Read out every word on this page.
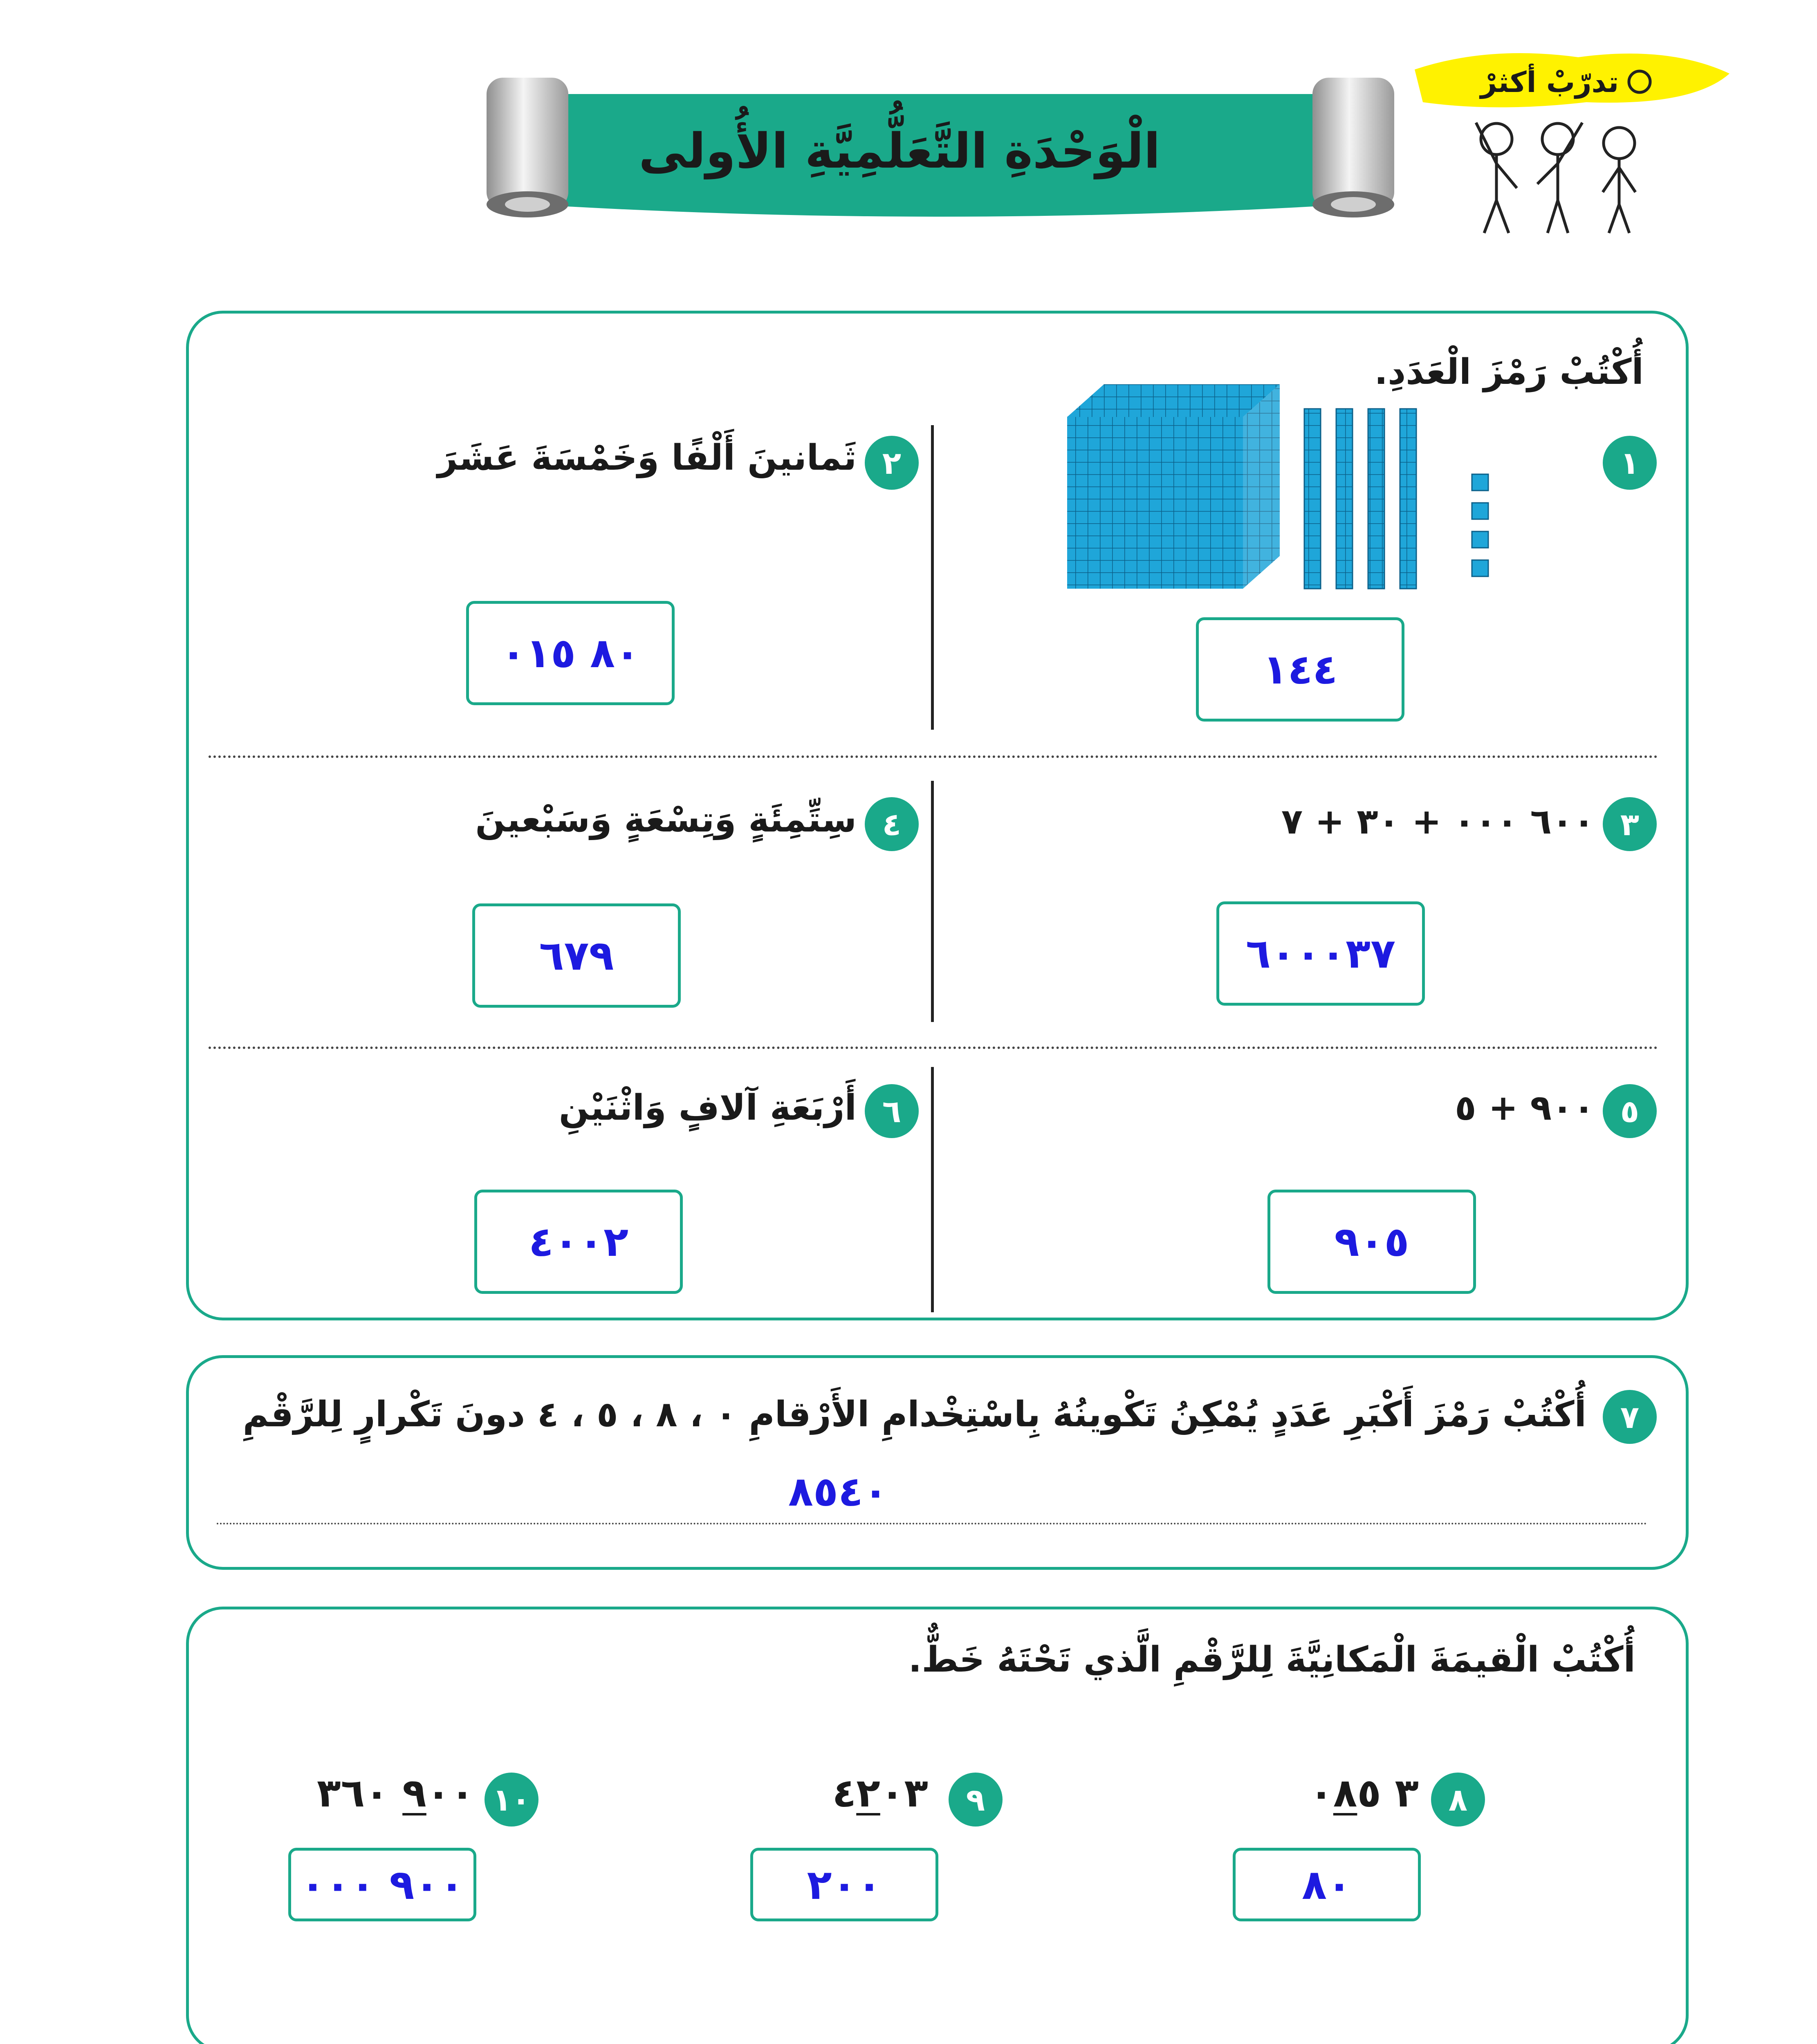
الْوَحْدَةِ التَّعَلُّمِيَّةِ الأُولى
تدرّبْ أكثرْ
أُكْتُبْ رَمْزَ الْعَدَدِ.
١
١٤٤
٢
ثَمانينَ أَلْفًا وَخَمْسَةَ عَشَرَ
٨٠ ٠١٥
٣
٦٠٠ ٠٠٠ + ٣٠ + ٧
٦٠٠٠٣٧
٤
سِتِّمِئَةٍ وَتِسْعَةٍ وَسَبْعينَ
٦٧٩
٥
٩٠٠ + ٥
٩٠٥
٦
أَرْبَعَةِ آلافٍ وَاثْنَيْنِ
٤٠٠٢
٧
أُكْتُبْ رَمْزَ أَكْبَرِ عَدَدٍ يُمْكِنُ تَكْوينُهُ بِاسْتِخْدامِ الأَرْقامِ ٠ ، ٨ ، ٥ ، ٤ دونَ تَكْرارٍ لِلرَّقْمِ
٨٥٤٠
أُكْتُبْ الْقيمَةَ الْمَكانِيَّةَ لِلرَّقْمِ الَّذي تَحْتَهُ خَطٌّ.
٨
٣ ٠٨٥
٨٠
٩
٤٢٠٣
٢٠٠
١٠
٩٠٠ ٣٦٠
٩٠٠ ٠٠٠
